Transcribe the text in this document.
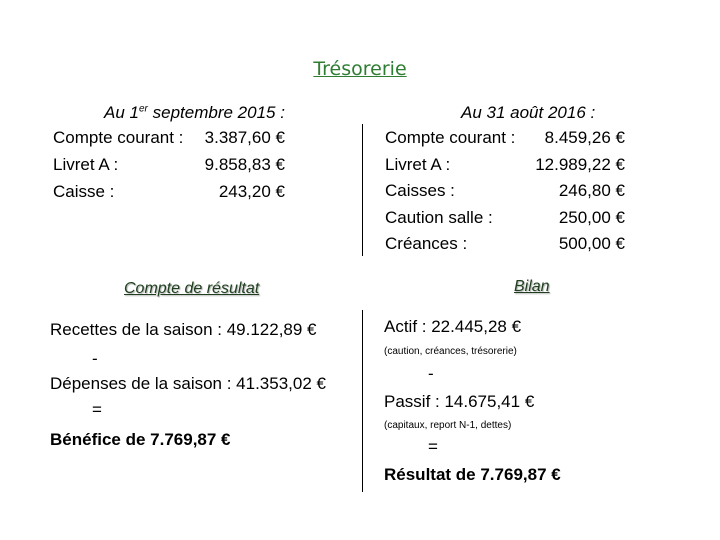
Trésorerie
Au 1er septembre 2015 :
Compte courant : 3.387,60 €
Livret A :	9.858,83 €
Caisse :	243,20 €
Au 31 août 2016 :
Compte courant : 8.459,26 €
Livret A :	12.989,22 €
Caisses :	246,80 €
Caution salle :	250,00 €
Créances :	500,00 €
Compte de résultat
Recettes de la saison : 49.122,89 €
-
Dépenses de la saison : 41.353,02 €
=
Bénéfice de 7.769,87 €
Bilan
Actif : 22.445,28 €
(caution, créances, trésorerie)
-
Passif : 14.675,41 €
(capitaux, report N-1, dettes)
=
Résultat de 7.769,87 €
